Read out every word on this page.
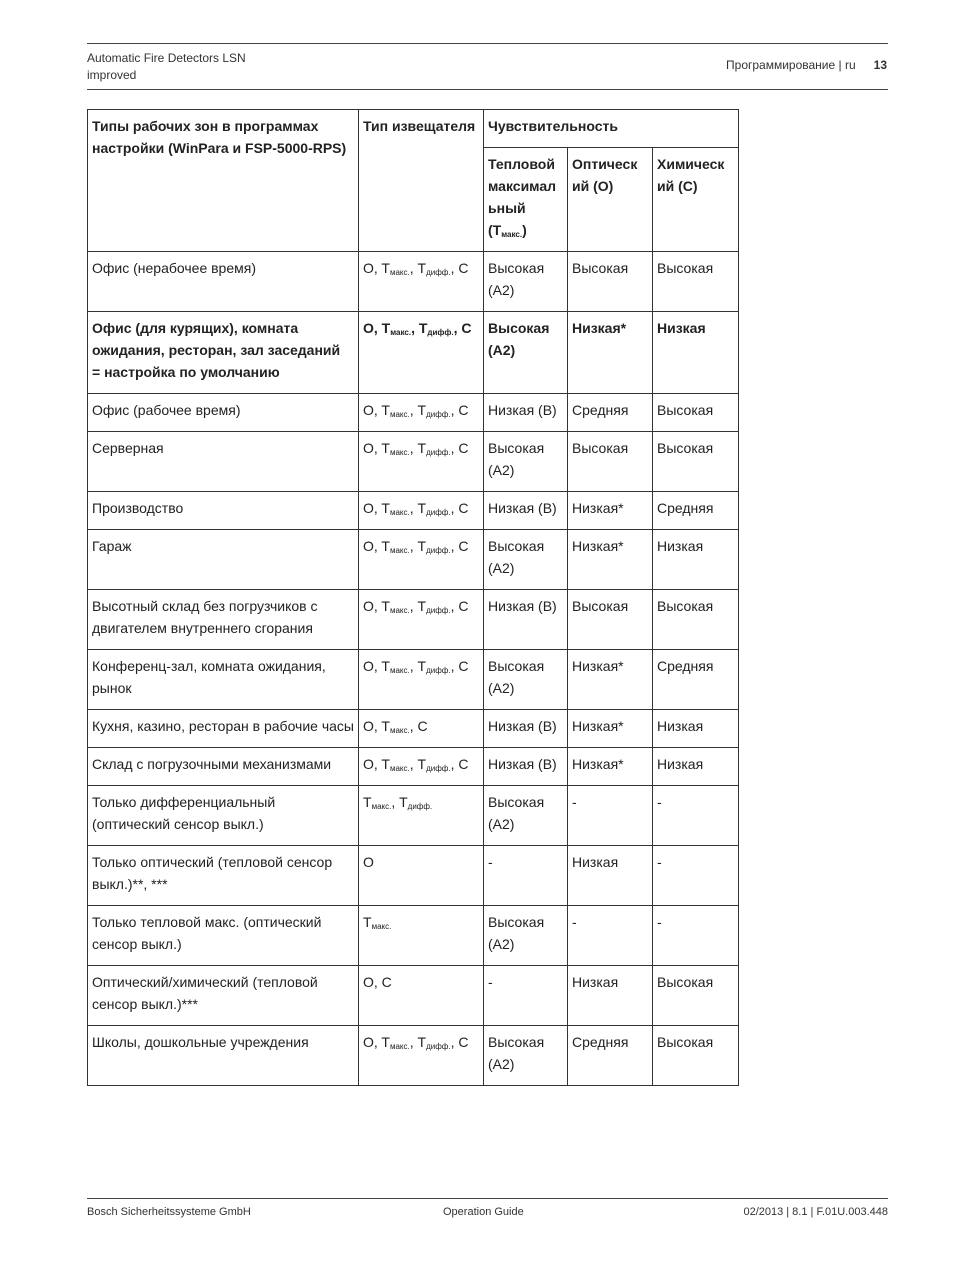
Automatic Fire Detectors LSN
improved
Программирование | ru 13
Типы рабочих зон в программах настройки (WinPara и FSP-5000-RPS)	Тип извещателя	Чувствительность		
		Тепловой максимал ьный $(T_{макс.})$	Оптическ ий (O)	Химическ ий (C)
Офис (нерабочее время)	O, $T_{макс.}$, $T_{дифф.}$, C	Высокая (A2)	Высокая	Высокая

Офис (для курящих), комната ожидания, ресторан, зал заседаний
= настройка по умолчанию	O, $T_{макс.}$, $T_{дифф.}$, C	Высокая (A2)	Низкая*	Низкая
Офис (рабочее время)	O, $T_{макс.}$, $T_{дифф.}$, C	Низкая (B)	Средняя	Высокая
Серверная	O, $T_{макс.}$, $T_{дифф.}$, C	Высокая (A2)	Высокая	Высокая
Производство	O, $T_{макс.}$, $T_{дифф.}$, C	Низкая (B)	Низкая*	Средняя
Гараж	O, $T_{макс.}$, $T_{дифф.}$, C	Высокая (A2)	Низкая*	Низкая
Высотный склад без погрузчиков с двигателем внутреннего сгорания	O, $T_{макс.}$, $T_{дифф.}$, C	Низкая (B)	Высокая	Высокая
Конференц-зал, комната ожидания, рынок	O, $T_{макс.}$, $T_{дифф.}$, C	Высокая (A2)	Низкая*	Средняя
Кухня, казино, ресторан в рабочие часы	O, $T_{макс.}$, C	Низкая (B)	Низкая*	Низкая
Склад с погрузочными механизмами	O, $T_{макс.}$, $T_{дифф.}$, C	Низкая (B)	Низкая*	Низкая
Только дифференциальный (оптический сенсор выкл.)	$T_{макс.}$, $T_{дифф.}$	Высокая (A2)	-	-
Только оптический (тепловой сенсор выкл.)**, ***	O	-	Низкая	-
Только тепловой макс. (оптический сенсор выкл.)	$T_{макс.}$	Высокая (A2)	-	-
Оптический/химический (тепловой сенсор выкл.)***	O, C	-	Низкая	Высокая
Школы, дошкольные учреждения	O, $T_{макс.}$, $T_{дифф.}$, C	Высокая (A2)	Средняя	Высокая
Bosch Sicherheitssysteme GmbH	Operation Guide	02/2013 | 8.1 | F.01U.003.448
